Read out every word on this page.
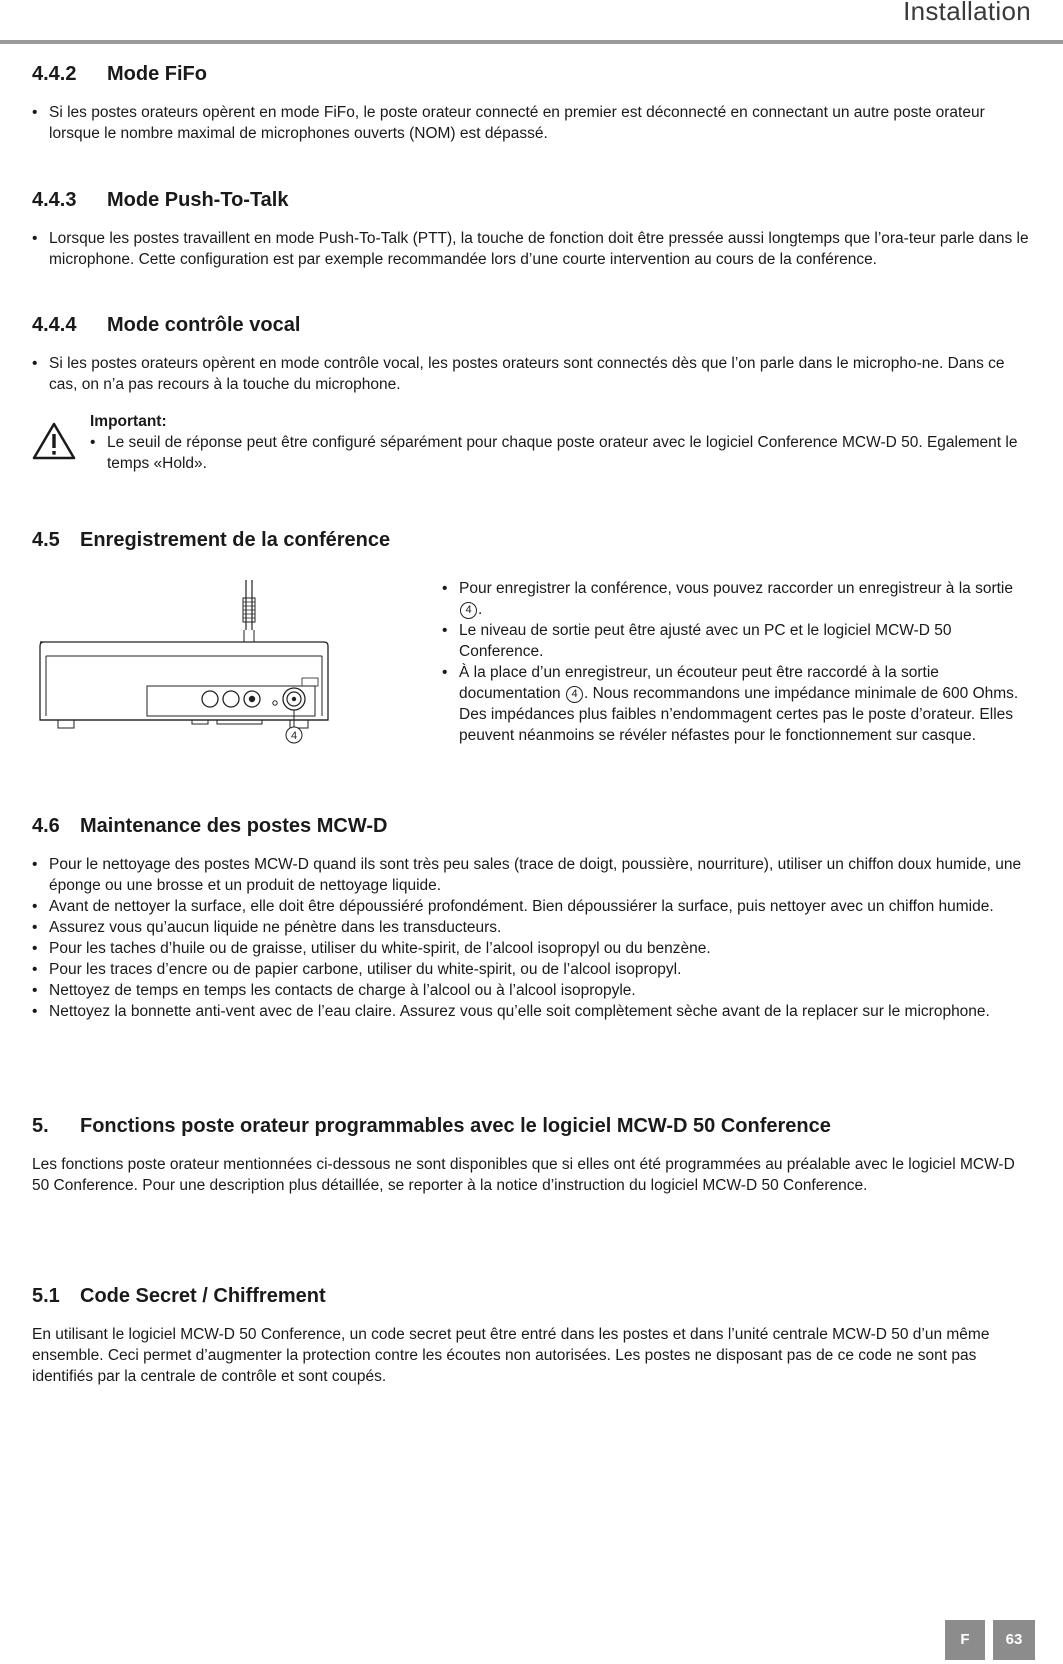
Installation
4.4.2 Mode FiFo
• Si les postes orateurs opèrent en mode FiFo, le poste orateur connecté en premier est déconnecté en connectant un autre poste orateur lorsque le nombre maximal de microphones ouverts (NOM) est dépassé.
4.4.3 Mode Push-To-Talk
• Lorsque les postes travaillent en mode Push-To-Talk (PTT), la touche de fonction doit être pressée aussi longtemps que l’ora-teur parle dans le microphone. Cette configuration est par exemple recommandée lors d’une courte intervention au cours de la conférence.
4.4.4 Mode contrôle vocal
• Si les postes orateurs opèrent en mode contrôle vocal, les postes orateurs sont connectés dès que l’on parle dans le micropho-ne. Dans ce cas, on n’a pas recours à la touche du microphone.
Important:
• Le seuil de réponse peut être configuré séparément pour chaque poste orateur avec le logiciel Conference MCW-D 50. Egalement le temps «Hold».
4.5 Enregistrement de la conférence
4
• Pour enregistrer la conférence, vous pouvez raccorder un enregistreur à la sortie 4 .
• Le niveau de sortie peut être ajusté avec un PC et le logiciel MCW-D 50 Conference.
• À la place d’un enregistreur, un écouteur peut être raccordé à la sortie documentation 4 . Nous recommandons une impédance minimale de 600 Ohms. Des impédances plus faibles n’endommagent certes pas le poste d’orateur. Elles peuvent néanmoins se révéler néfastes pour le fonctionnement sur casque.
4.6 Maintenance des postes MCW-D
• Pour le nettoyage des postes MCW-D quand ils sont très peu sales (trace de doigt, poussière, nourriture), utiliser un chiffon doux humide, une éponge ou une brosse et un produit de nettoyage liquide.
• Avant de nettoyer la surface, elle doit être dépoussiéré profondément. Bien dépoussiérer la surface, puis nettoyer avec un chiffon humide.
• Assurez vous qu’aucun liquide ne pénètre dans les transducteurs.
• Pour les taches d’huile ou de graisse, utiliser du white-spirit, de l’alcool isopropyl ou du benzène.
• Pour les traces d’encre ou de papier carbone, utiliser du white-spirit, ou de l’alcool isopropyl.
• Nettoyez de temps en temps les contacts de charge à l’alcool ou à l’alcool isopropyle.
• Nettoyez la bonnette anti-vent avec de l’eau claire. Assurez vous qu’elle soit complètement sèche avant de la replacer sur le microphone.
5. Fonctions poste orateur programmables avec le logiciel MCW-D 50 Conference

Les fonctions poste orateur mentionnées ci-dessous ne sont disponibles que si elles ont été programmées au préalable avec le logiciel MCW-D 50 Conference. Pour une description plus détaillée, se reporter à la notice d’instruction du logiciel MCW-D 50 Conference.

5.1 Code Secret / Chiffrement

En utilisant le logiciel MCW-D 50 Conference, un code secret peut être entré dans les postes et dans l’unité centrale MCW-D 50 d’un même ensemble. Ceci permet d’augmenter la protection contre les écoutes non autorisées. Les postes ne disposant pas de ce code ne sont pas identifiés par la centrale de contrôle et sont coupés.

F	63
